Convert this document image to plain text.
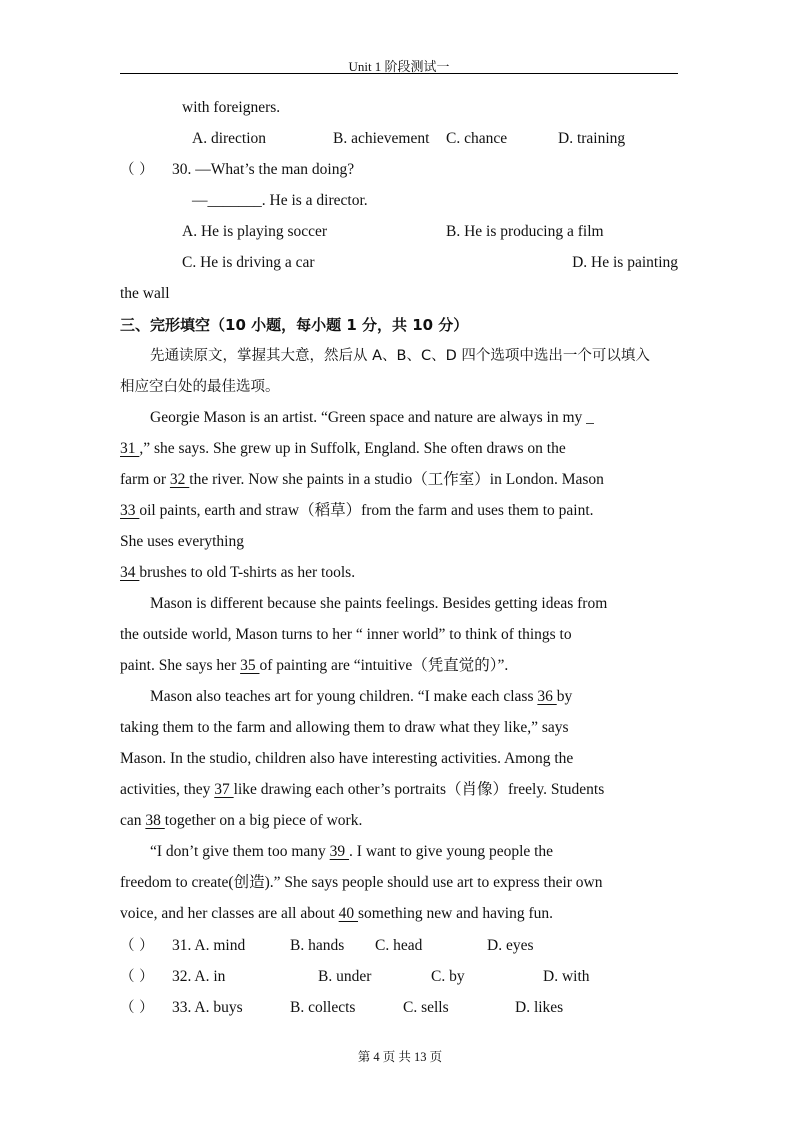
Unit 1 阶段测试一
with foreigners.
A. direction	B. achievement C. chance	D. training
（ ） 30. —What’s the man doing?
—_______. He is a director.
A. He is playing soccer	B. He is producing a film
C. He is driving a car	D. He is painting
the wall
三、完形填空（10 小题，每小题 1 分，共 10 分）
先通读原文，掌握其大意，然后从 A、B、C、D 四个选项中选出一个可以填入
相应空白处的最佳选项。
Georgie Mason is an artist. “Green space and nature are always in my _
31 ,” she says. She grew up in Suffolk, England. She often draws on the
farm or 32 the river. Now she paints in a studio（工作室）in London. Mason
33 oil paints, earth and straw（稻草）from the farm and uses them to paint.
She uses everything
34 brushes to old T-shirts as her tools.
Mason is different because she paints feelings. Besides getting ideas from
the outside world, Mason turns to her “ inner world” to think of things to
paint. She says her 35 of painting are “intuitive（凭直觉的）”.
Mason also teaches art for young children. “I make each class 36 by
taking them to the farm and allowing them to draw what they like,” says
Mason. In the studio, children also have interesting activities. Among the
activities, they 37 like drawing each other’s portraits（肖像）freely. Students
can 38 together on a big piece of work.
“I don’t give them too many 39 . I want to give young people the
freedom to create(创造).” She says people should use art to express their own
voice, and her classes are all about 40 something new and having fun.
（ ） 31. A. mind	B. hands C. head	D. eyes
（ ） 32. A. in	B. under	C. by	D. with
（ ） 33. A. buys	B. collects	C. sells	D. likes
第 4 页 共 13 页
